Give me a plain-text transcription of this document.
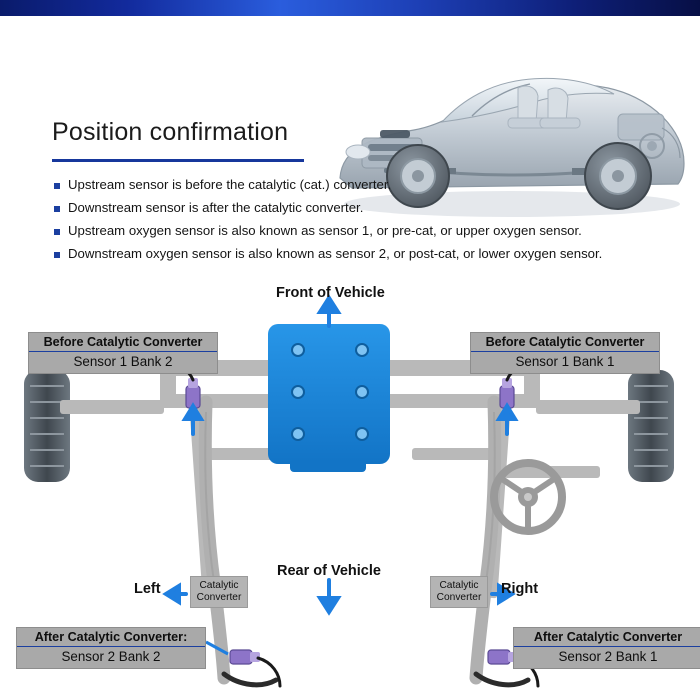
Position confirmation
Upstream sensor is before the catalytic (cat.) converter.
Downstream sensor is after the catalytic converter.
Upstream oxygen sensor is also known as sensor 1, or pre-cat, or upper oxygen sensor.
Downstream oxygen sensor is also known as sensor 2, or post-cat, or lower oxygen sensor.
Front of Vehicle
Rear of Vehicle
Left	Right
Before Catalytic Converter
Sensor 1 Bank 2
Before Catalytic Converter
Sensor 1 Bank 1
After Catalytic Converter:
Sensor 2 Bank 2
After Catalytic Converter
Sensor 2 Bank 1
Catalytic Converter
Catalytic Converter
